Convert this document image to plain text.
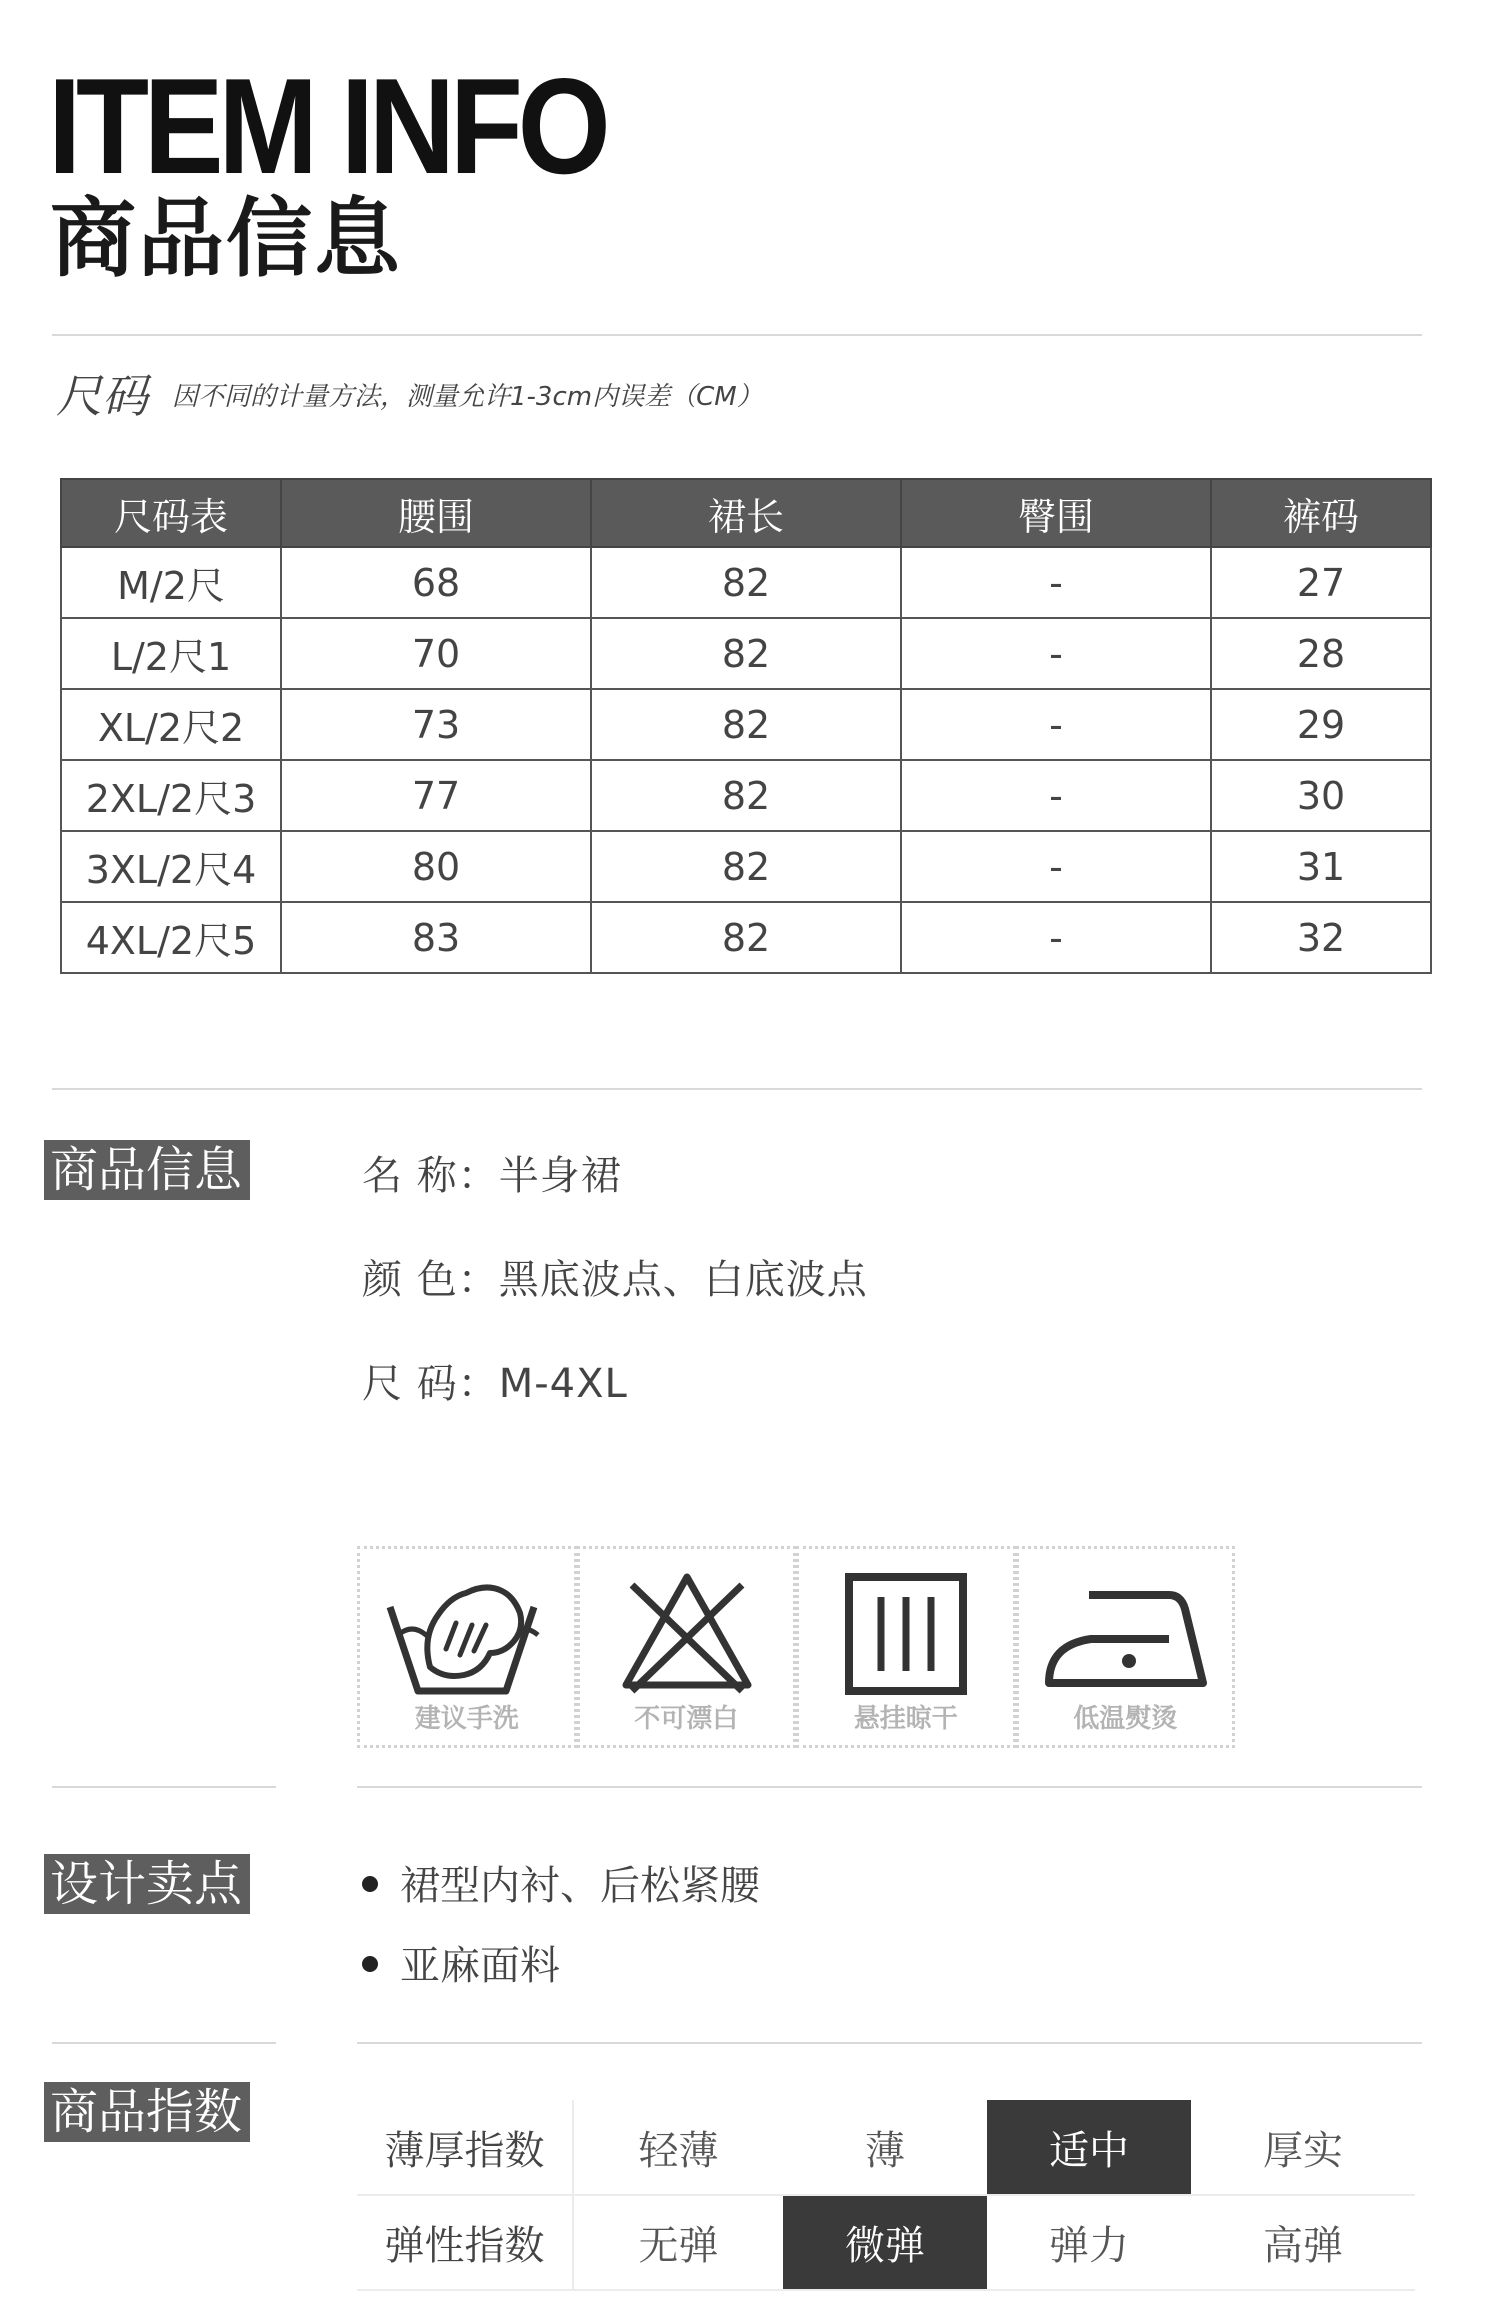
ITEM INFO
商品信息
尺码 因不同的计量方法，测量允许1-3cm内误差（CM）
尺码表	腰围	裙长	臀围	裤码
M/2尺	68	82	-	27
L/2尺1	70	82	-	28
XL/2尺2	73	82	-	29
2XL/2尺3	77	82	-	30
3XL/2尺4	80	82	-	31
4XL/2尺5	83	82	-	32
商品信息	名 称：半身裙
颜 色：黑底波点、白底波点
尺 码：M-4XL
建议手洗	不可漂白	悬挂晾干	低温熨烫
设计卖点	裙型内衬、后松紧腰
亚麻面料
商品指数
薄厚指数	轻薄	薄	适中	厚实
弹性指数	无弹	微弹	弹力	高弹
